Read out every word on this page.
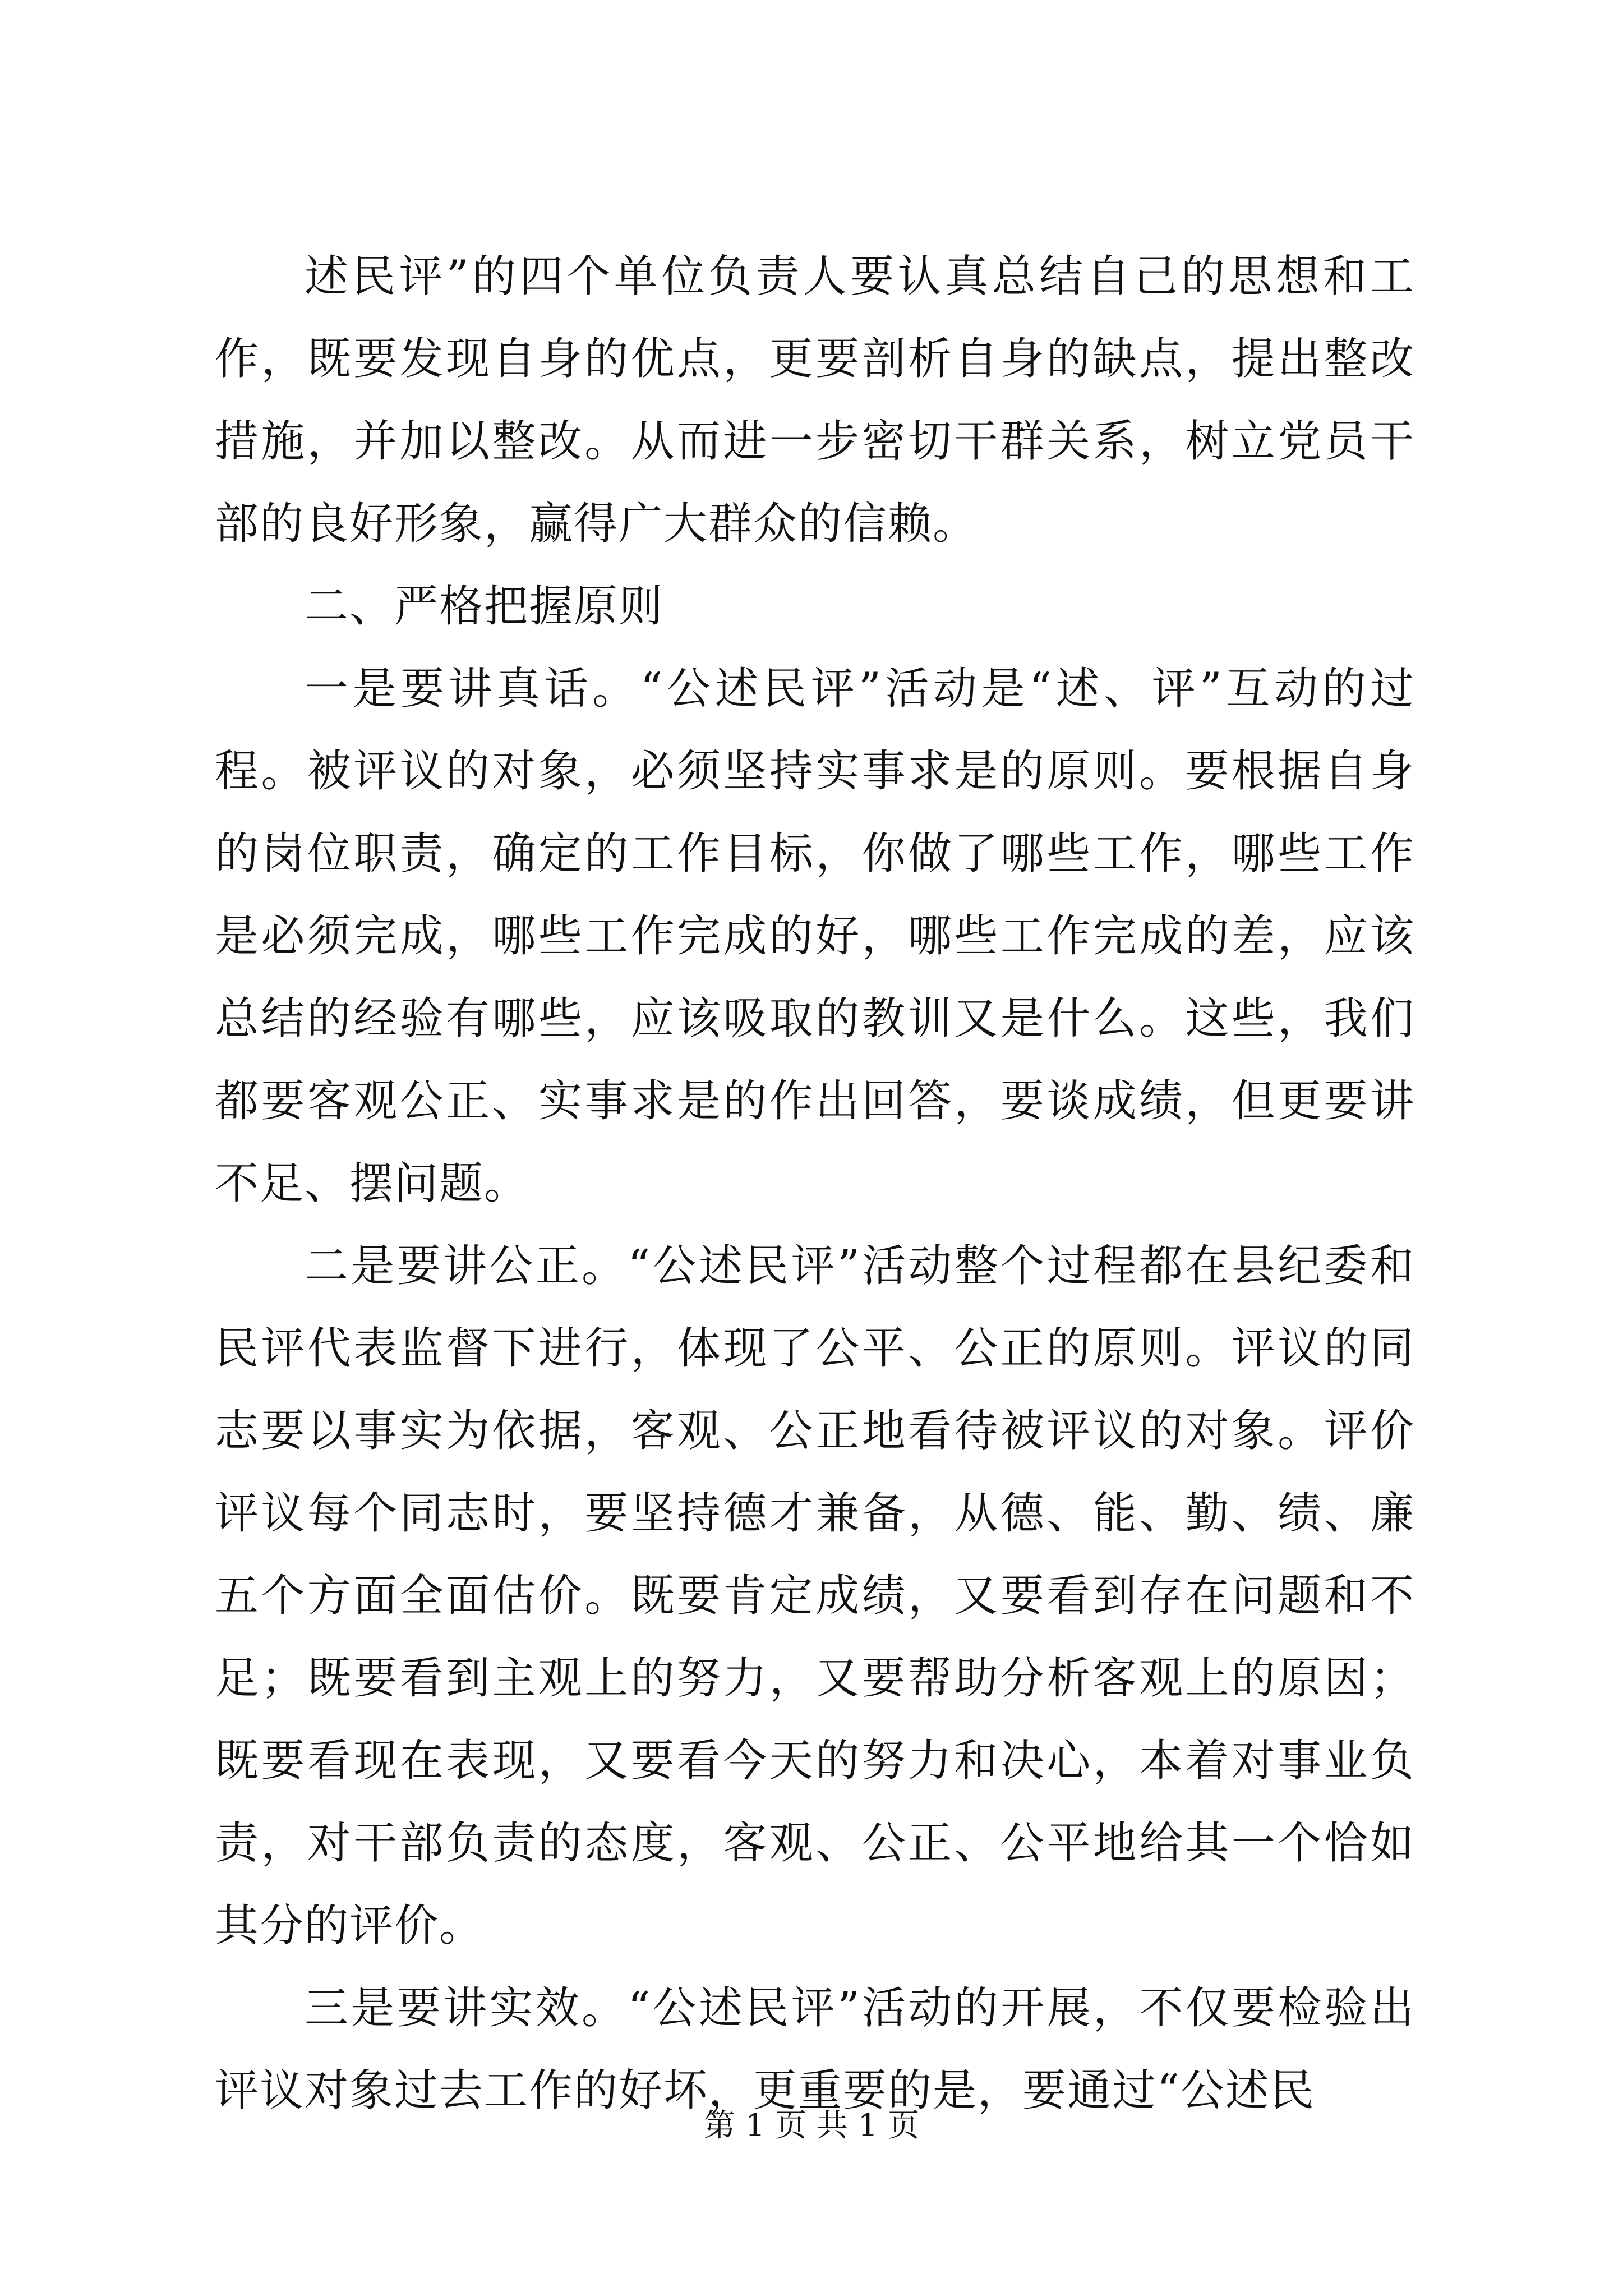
述民评”的四个单位负责人要认真总结自己的思想和工作，既要发现自身的优点，更要剖析自身的缺点，提出整改措施，并加以整改。从而进一步密切干群关系，树立党员干部的良好形象，赢得广大群众的信赖。

二、严格把握原则

一是要讲真话。“公述民评”活动是“述、评”互动的过程。被评议的对象，必须坚持实事求是的原则。要根据自身的岗位职责，确定的工作目标，你做了哪些工作，哪些工作是必须完成，哪些工作完成的好，哪些工作完成的差，应该总结的经验有哪些，应该吸取的教训又是什么。这些，我们都要客观公正、实事求是的作出回答，要谈成绩，但更要讲不足、摆问题。

二是要讲公正。“公述民评”活动整个过程都在县纪委和民评代表监督下进行，体现了公平、公正的原则。评议的同志要以事实为依据，客观、公正地看待被评议的对象。评价评议每个同志时，要坚持德才兼备，从德、能、勤、绩、廉五个方面全面估价。既要肯定成绩，又要看到存在问题和不足；既要看到主观上的努力，又要帮助分析客观上的原因；既要看现在表现，又要看今天的努力和决心，本着对事业负责，对干部负责的态度，客观、公正、公平地给其一个恰如其分的评价。

三是要讲实效。“公述民评”活动的开展，不仅要检验出评议对象过去工作的好坏，更重要的是，要通过“公述民

第 1 页 共 1 页
